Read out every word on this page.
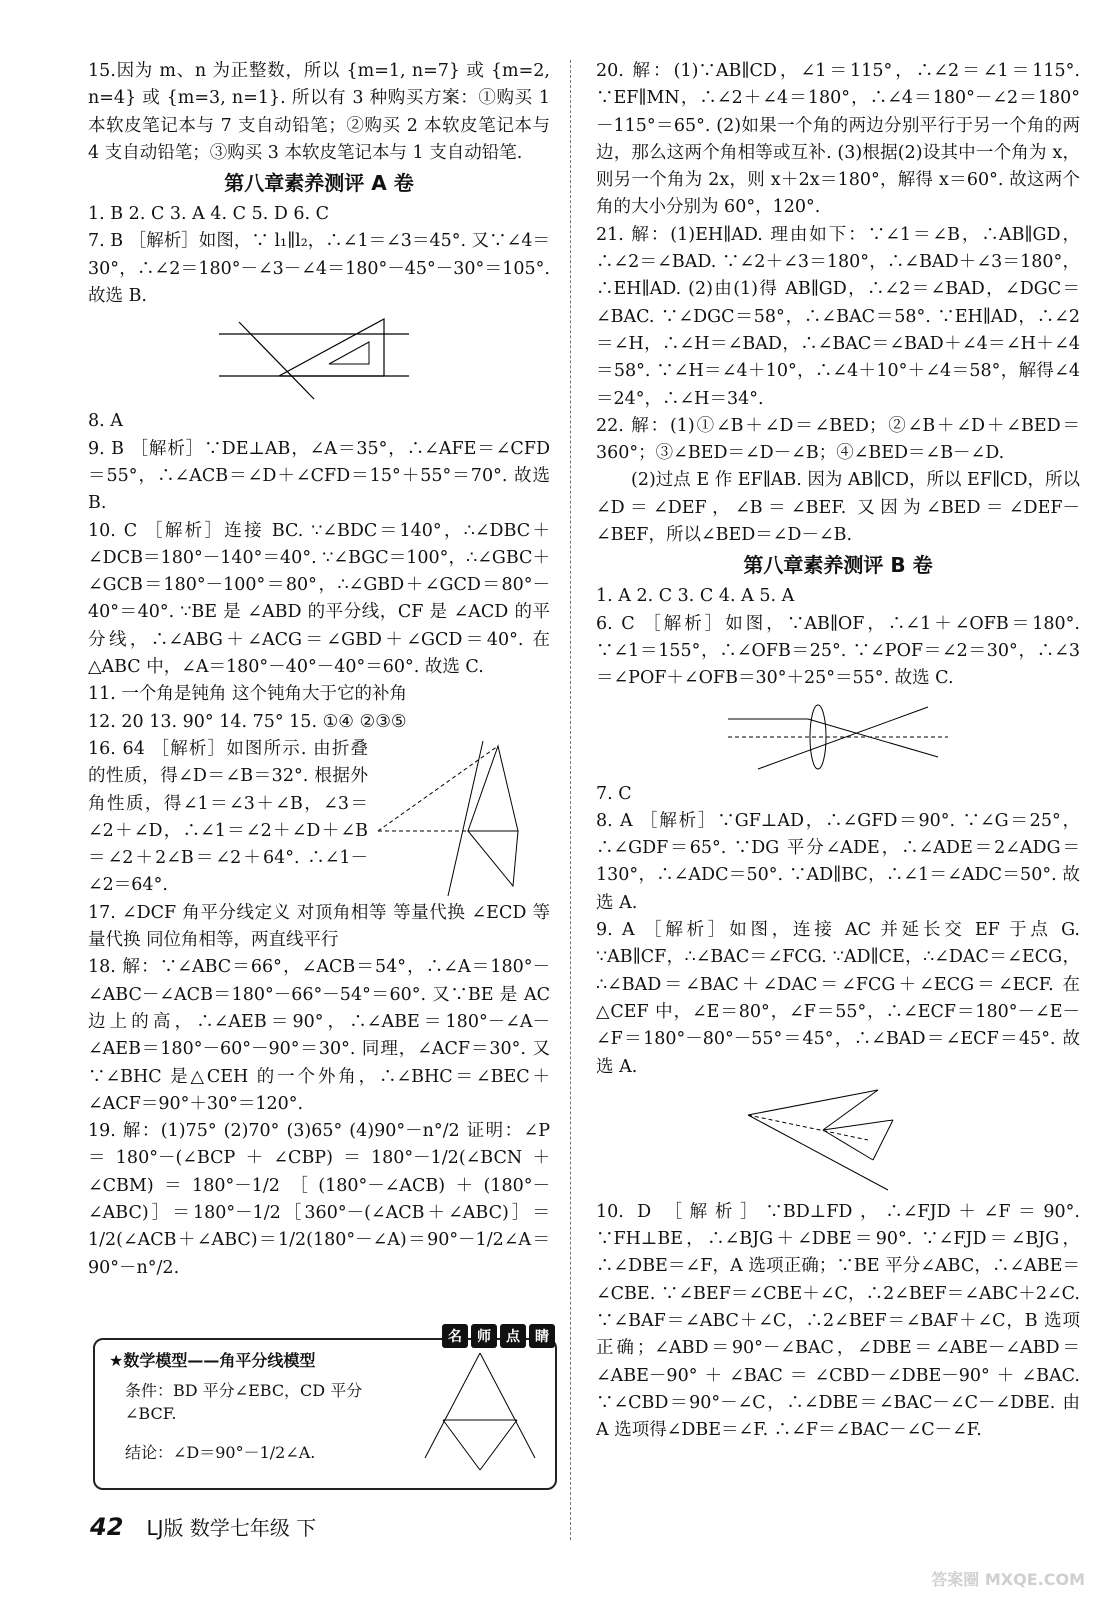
15.因为 m、n 为正整数，所以 {m=1, n=7} 或 {m=2, n=4} 或 {m=3, n=1}. 所以有 3 种购买方案：①购买 1 本软皮笔记本与 7 支自动铅笔；②购买 2 本软皮笔记本与 4 支自动铅笔；③购买 3 本软皮笔记本与 1 支自动铅笔.

第八章素养测评 A 卷

1. B 2. C 3. A 4. C 5. D 6. C

7. B ［解析］如图，∵ l₁∥l₂，∴∠1＝∠3＝45°. 又∵∠4＝30°，∴∠2＝180°－∠3－∠4＝180°－45°－30°＝105°. 故选 B.

8. A

9. B ［解析］∵DE⊥AB，∠A＝35°，∴∠AFE＝∠CFD＝55°，∴∠ACB＝∠D＋∠CFD＝15°＋55°＝70°. 故选 B.

10. C ［解析］连接 BC. ∵∠BDC＝140°，∴∠DBC＋∠DCB＝180°－140°＝40°. ∵∠BGC＝100°，∴∠GBC＋∠GCB＝180°－100°＝80°，∴∠GBD＋∠GCD＝80°－40°＝40°. ∵BE 是 ∠ABD 的平分线，CF 是 ∠ACD 的平分线，∴∠ABG＋∠ACG＝∠GBD＋∠GCD＝40°. 在△ABC 中，∠A＝180°－40°－40°＝60°. 故选 C.

11. 一个角是钝角 这个钝角大于它的补角

12. 20 13. 90° 14. 75° 15. ①④ ②③⑤

16. 64 ［解析］如图所示. 由折叠的性质，得∠D＝∠B＝32°. 根据外角性质，得∠1＝∠3＋∠B，∠3＝∠2＋∠D，∴∠1＝∠2＋∠D＋∠B＝∠2＋2∠B＝∠2＋64°. ∴∠1－∠2＝64°.

17. ∠DCF 角平分线定义 对顶角相等 等量代换 ∠ECD 等量代换 同位角相等，两直线平行

18. 解：∵∠ABC＝66°，∠ACB＝54°，∴∠A＝180°－∠ABC－∠ACB＝180°－66°－54°＝60°. 又∵BE 是 AC 边上的高，∴∠AEB＝90°，∴∠ABE＝180°－∠A－∠AEB＝180°－60°－90°＝30°. 同理，∠ACF＝30°. 又∵∠BHC 是△CEH 的一个外角，∴∠BHC＝∠BEC＋∠ACF＝90°＋30°＝120°.

19. 解：(1)75° (2)70° (3)65° (4)90°－n°/2 证明：∠P＝180°－(∠BCP＋∠CBP)＝180°－1/2(∠BCN＋∠CBM)＝180°－1/2［(180°－∠ACB)＋(180°－∠ABC)］＝180°－1/2［360°－(∠ACB＋∠ABC)］＝1/2(∠ACB＋∠ABC)＝1/2(180°－∠A)＝90°－1/2∠A＝90°－n°/2.

名	师	点	睛
★数学模型——角平分线模型
条件：BD 平分∠EBC，CD 平分
∠BCF.
结论：∠D＝90°－1/2∠A.

20. 解：(1)∵AB∥CD，∠1＝115°，∴∠2＝∠1＝115°. ∵EF∥MN，∴∠2＋∠4＝180°，∴∠4＝180°－∠2＝180°－115°＝65°. (2)如果一个角的两边分别平行于另一个角的两边，那么这两个角相等或互补. (3)根据(2)设其中一个角为 x，则另一个角为 2x，则 x＋2x＝180°，解得 x＝60°. 故这两个角的大小分别为 60°，120°.

21. 解：(1)EH∥AD. 理由如下：∵∠1＝∠B，∴AB∥GD，∴∠2＝∠BAD. ∵∠2＋∠3＝180°，∴∠BAD＋∠3＝180°，∴EH∥AD. (2)由(1)得 AB∥GD，∴∠2＝∠BAD，∠DGC＝∠BAC. ∵∠DGC＝58°，∴∠BAC＝58°. ∵EH∥AD，∴∠2＝∠H，∴∠H＝∠BAD，∴∠BAC＝∠BAD＋∠4＝∠H＋∠4＝58°. ∵∠H＝∠4＋10°，∴∠4＋10°＋∠4＝58°，解得∠4＝24°，∴∠H＝34°.

22. 解：(1)①∠B＋∠D＝∠BED；②∠B＋∠D＋∠BED＝360°；③∠BED＝∠D－∠B；④∠BED＝∠B－∠D.

(2)过点 E 作 EF∥AB. 因为 AB∥CD，所以 EF∥CD，所以∠D＝∠DEF，∠B＝∠BEF. 又因为∠BED＝∠DEF－∠BEF，所以∠BED＝∠D－∠B.

第八章素养测评 B 卷

1. A 2. C 3. C 4. A 5. A

6. C ［解析］如图，∵AB∥OF，∴∠1＋∠OFB＝180°. ∵∠1＝155°，∴∠OFB＝25°. ∵∠POF＝∠2＝30°，∴∠3＝∠POF＋∠OFB＝30°＋25°＝55°. 故选 C.

7. C

8. A ［解析］∵GF⊥AD，∴∠GFD＝90°. ∵∠G＝25°，∴∠GDF＝65°. ∵DG 平分∠ADE，∴∠ADE＝2∠ADG＝130°，∴∠ADC＝50°. ∵AD∥BC，∴∠1＝∠ADC＝50°. 故选 A.

9. A ［解析］如图，连接 AC 并延长交 EF 于点 G. ∵AB∥CF，∴∠BAC＝∠FCG. ∵AD∥CE，∴∠DAC＝∠ECG，∴∠BAD＝∠BAC＋∠DAC＝∠FCG＋∠ECG＝∠ECF. 在△CEF 中，∠E＝80°，∠F＝55°，∴∠ECF＝180°－∠E－∠F＝180°－80°－55°＝45°，∴∠BAD＝∠ECF＝45°. 故选 A.

10. D ［解析］∵BD⊥FD，∴∠FJD＋∠F＝90°. ∵FH⊥BE，∴∠BJG＋∠DBE＝90°. ∵∠FJD＝∠BJG，∴∠DBE＝∠F，A 选项正确；∵BE 平分∠ABC，∴∠ABE＝∠CBE. ∵∠BEF＝∠CBE＋∠C，∴2∠BEF＝∠ABC＋2∠C. ∵∠BAF＝∠ABC＋∠C，∴2∠BEF＝∠BAF＋∠C，B 选项正确；∠ABD＝90°－∠BAC，∠DBE＝∠ABE－∠ABD＝∠ABE－90°＋∠BAC＝∠CBD－∠DBE－90°＋∠BAC. ∵∠CBD＝90°－∠C，∴∠DBE＝∠BAC－∠C－∠DBE. 由 A 选项得∠DBE＝∠F. ∴∠F＝∠BAC－∠C－∠F.

42 LJ版 数学七年级 下
答案圈 MXQE.COM
